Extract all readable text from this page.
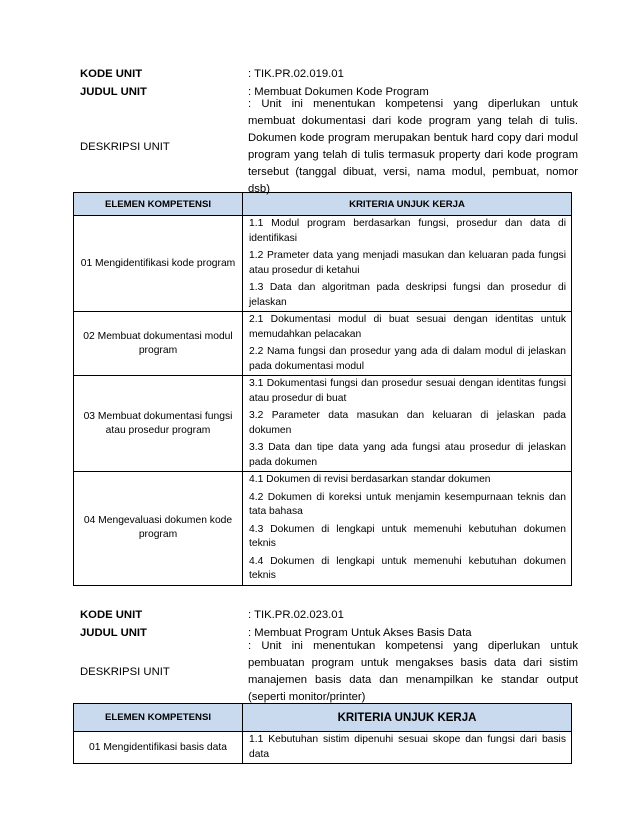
KODE UNIT	: TIK.PR.02.019.01
JUDUL UNIT	: Membuat Dokumen Kode Program
DESKRIPSI UNIT
: Unit ini menentukan kompetensi yang diperlukan untuk membuat dokumentasi dari kode program yang telah di tulis. Dokumen kode program merupakan bentuk hard copy dari modul program yang telah di tulis termasuk property dari kode program tersebut (tanggal dibuat, versi, nama modul, pembuat, nomor dsb)
ELEMEN KOMPETENSI	KRITERIA UNJUK KERJA
01 Mengidentifikasi kode program	1.1 Modul program berdasarkan fungsi, prosedur dan data di identifikasi
1.2 Prameter data yang menjadi masukan dan keluaran pada fungsi atau prosedur di ketahui
1.3 Data dan algoritman pada deskripsi fungsi dan prosedur di jelaskan

02 Membuat dokumentasi modul program	2.1 Dokumentasi modul di buat sesuai dengan identitas untuk memudahkan pelacakan
2.2 Nama fungsi dan prosedur yang ada di dalam modul di jelaskan pada dokumentasi modul

03 Membuat dokumentasi fungsi atau prosedur program	3.1 Dokumentasi fungsi dan prosedur sesuai dengan identitas fungsi atau prosedur di buat
3.2 Parameter data masukan dan keluaran di jelaskan pada dokumen
3.3 Data dan tipe data yang ada fungsi atau prosedur di jelaskan pada dokumen

04 Mengevaluasi dokumen kode program	4.1 Dokumen di revisi berdasarkan standar dokumen
4.2 Dokumen di koreksi untuk menjamin kesempurnaan teknis dan tata bahasa
4.3 Dokumen di lengkapi untuk memenuhi kebutuhan dokumen teknis
4.4 Dokumen di lengkapi untuk memenuhi kebutuhan dokumen teknis
KODE UNIT	: TIK.PR.02.023.01
JUDUL UNIT	: Membuat Program Untuk Akses Basis Data
DESKRIPSI UNIT
: Unit ini menentukan kompetensi yang diperlukan untuk pembuatan program untuk mengakses basis data dari sistim manajemen basis data dan menampilkan ke standar output (seperti monitor/printer)
ELEMEN KOMPETENSI	KRITERIA UNJUK KERJA
01 Mengidentifikasi basis data	1.1 Kebutuhan sistim dipenuhi sesuai skope dan fungsi dari basis data
